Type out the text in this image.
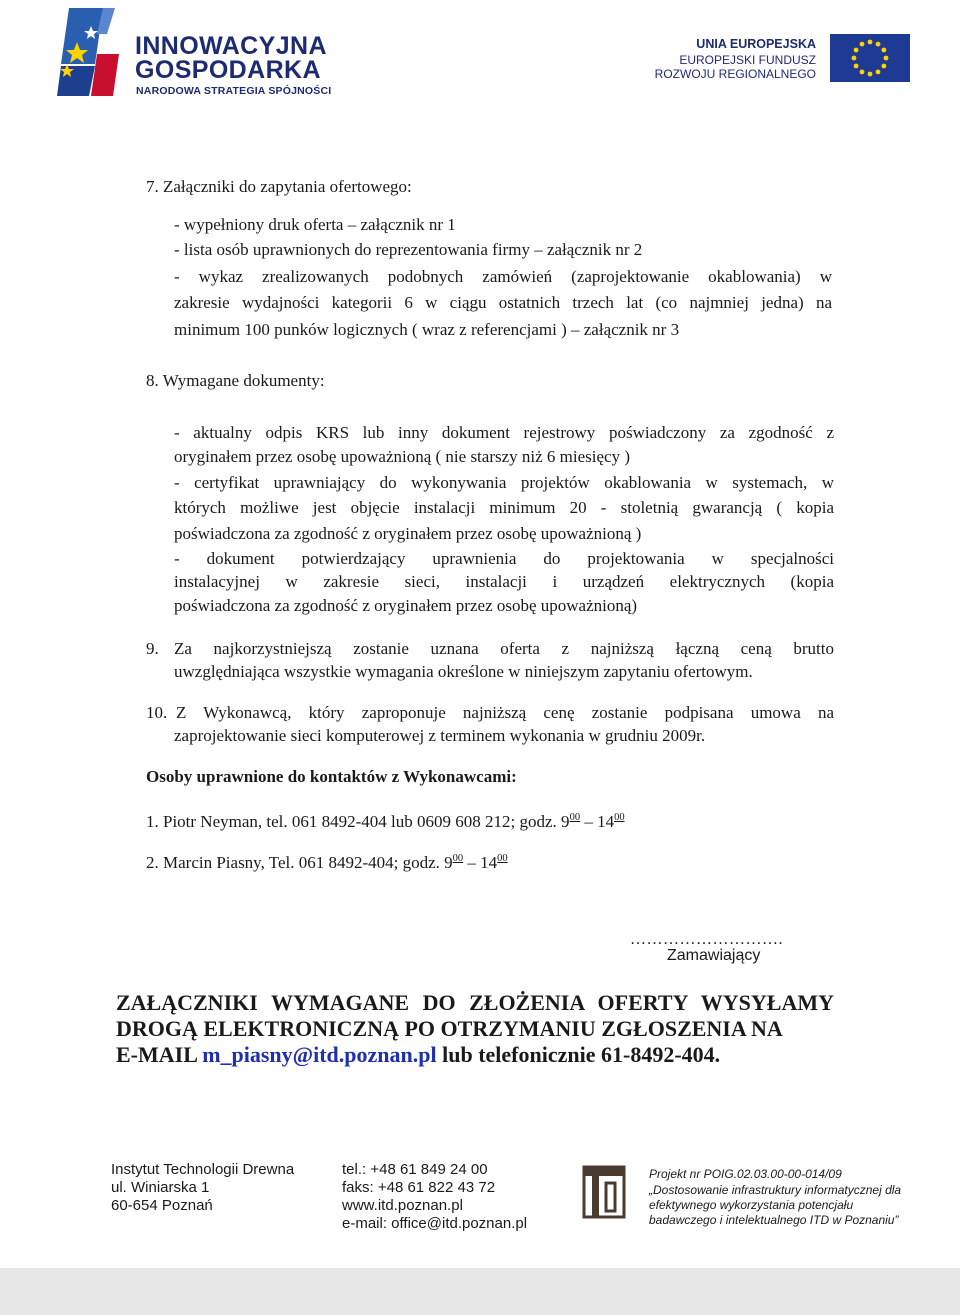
INNOWACYJNA
GOSPODARKA
NARODOWA STRATEGIA SPÓJNOŚCI
UNIA EUROPEJSKA
EUROPEJSKI FUNDUSZ
ROZWOJU REGIONALNEGO
7. Załączniki do zapytania ofertowego:
- wypełniony druk oferta – załącznik nr 1
- lista osób uprawnionych do reprezentowania firmy – załącznik nr 2
- wykaz zrealizowanych podobnych zamówień (zaprojektowanie okablowania) w
zakresie wydajności kategorii 6 w ciągu ostatnich trzech lat (co najmniej jedna) na
minimum 100 punków logicznych ( wraz z referencjami ) – załącznik nr 3
8. Wymagane dokumenty:
- aktualny odpis KRS lub inny dokument rejestrowy poświadczony za zgodność z
oryginałem przez osobę upoważnioną ( nie starszy niż 6 miesięcy )
- certyfikat uprawniający do wykonywania projektów okablowania w systemach, w
których możliwe jest objęcie instalacji minimum 20 - stoletnią gwarancją ( kopia
poświadczona za zgodność z oryginałem przez osobę upoważnioną )
- dokument potwierdzający uprawnienia do projektowania w specjalności
instalacyjnej w zakresie sieci, instalacji i urządzeń elektrycznych (kopia
poświadczona za zgodność z oryginałem przez osobę upoważnioną)
9. Za najkorzystniejszą zostanie uznana oferta z najniższą łączną ceną brutto
uwzględniająca wszystkie wymagania określone w niniejszym zapytaniu ofertowym.
10. Z Wykonawcą, który zaproponuje najniższą cenę zostanie podpisana umowa na
zaprojektowanie sieci komputerowej z terminem wykonania w grudniu 2009r.
Osoby uprawnione do kontaktów z Wykonawcami:
1. Piotr Neyman, tel. 061 8492-404 lub 0609 608 212; godz. $9^{00} - 14^{00}$
2. Marcin Piasny, Tel. 061 8492-404; godz. $9^{00} - 14^{00}$
……………………….
Zamawiający
ZAŁĄCZNIKI WYMAGANE DO ZŁOŻENIA OFERTY WYSYŁAMY
DROGĄ ELEKTRONICZNĄ PO OTRZYMANIU ZGŁOSZENIA NA
E-MAIL m_piasny@itd.poznan.pl lub telefonicznie 61-8492-404.
Instytut Technologii Drewna
ul. Winiarska 1
60-654 Poznań
tel.: +48 61 849 24 00
faks: +48 61 822 43 72
www.itd.poznan.pl
e-mail: office@itd.poznan.pl
Projekt nr POIG.02.03.00-00-014/09
„Dostosowanie infrastruktury informatycznej dla
efektywnego wykorzystania potencjału
badawczego i intelektualnego ITD w Poznaniu”
